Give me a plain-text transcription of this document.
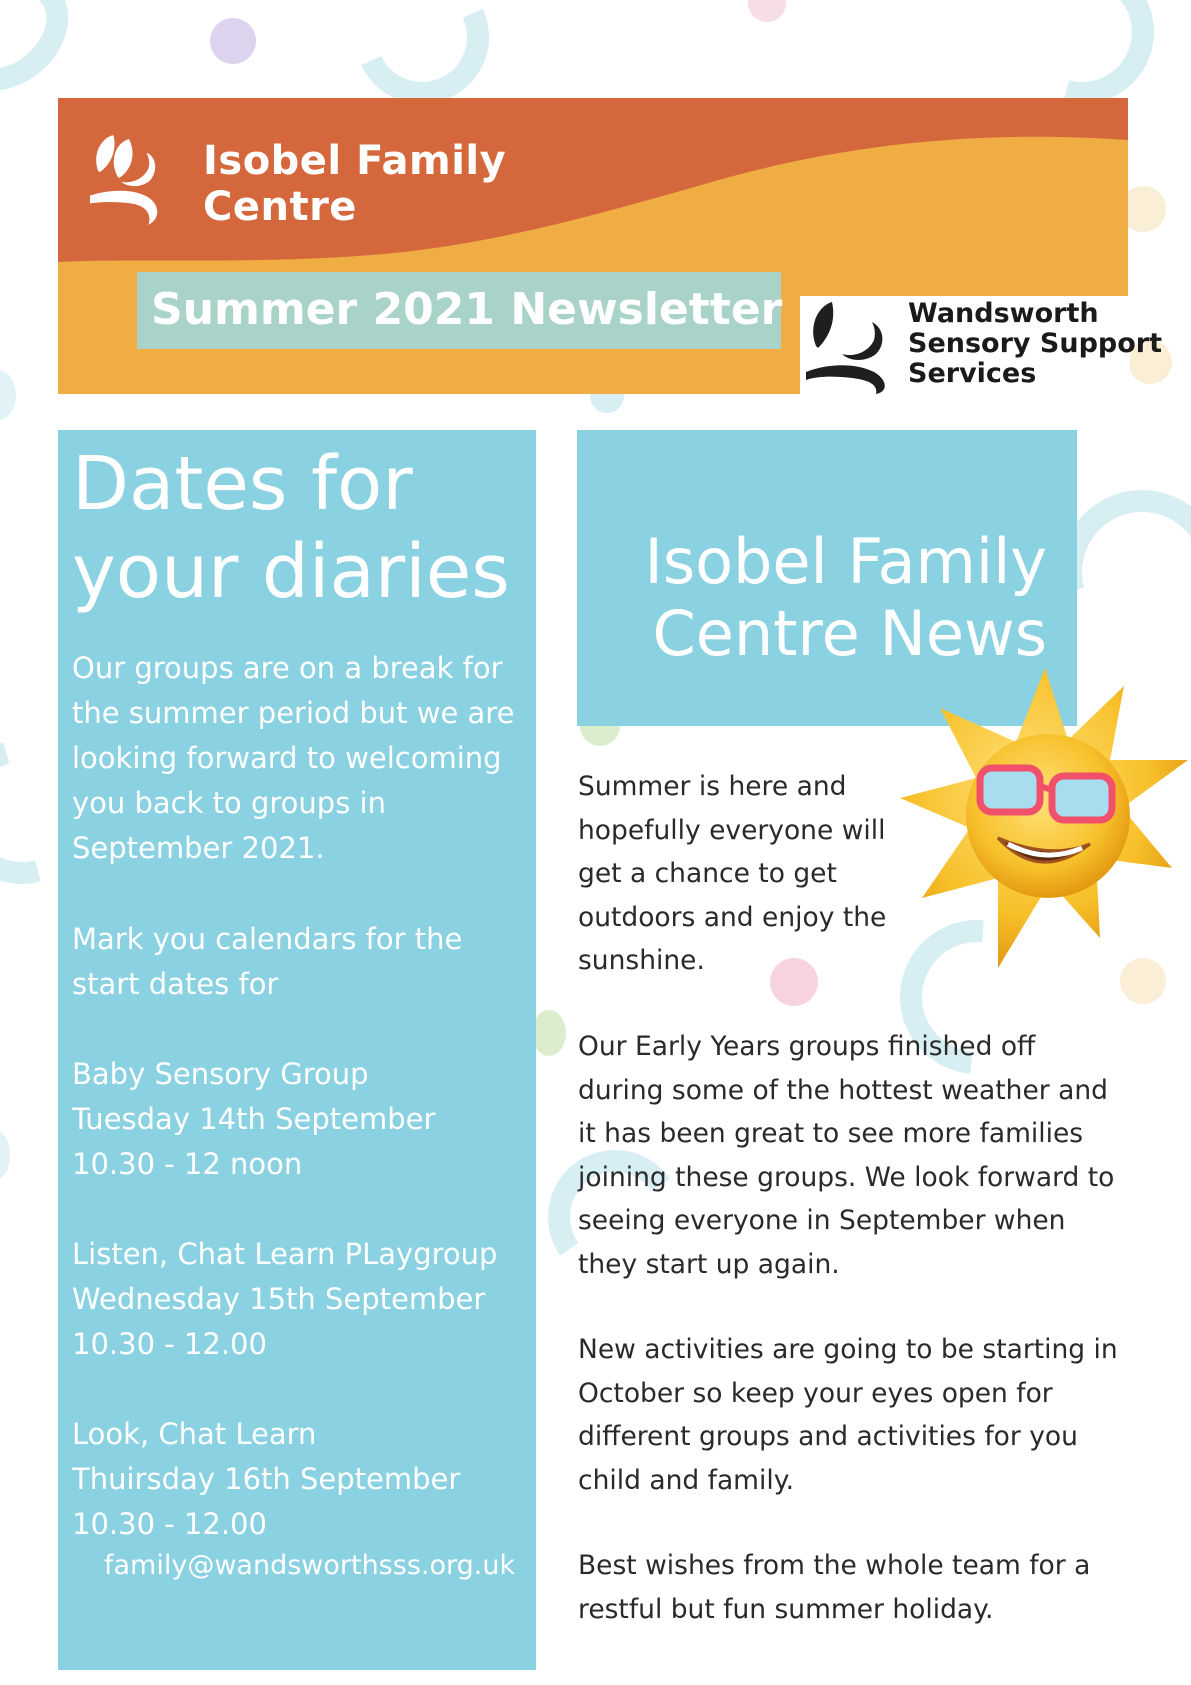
Isobel Family
Centre
Summer 2021 Newsletter	Wandsworth
Sensory Support
Services
Dates for
your diaries
Our groups are on a break for
the summer period but we are
looking forward to welcoming
you back to groups in
September 2021.
Mark you calendars for the
start dates for
Baby Sensory Group
Tuesday 14th September
10.30 - 12 noon
Listen, Chat Learn PLaygroup
Wednesday 15th September
10.30 - 12.00
Look, Chat Learn
Thuirsday 16th September
10.30 - 12.00
family@wandsworthsss.org.uk
Isobel Family
Centre News
Summer is here and
hopefully everyone will
get a chance to get
outdoors and enjoy the
sunshine.
Our Early Years groups finished off
during some of the hottest weather and
it has been great to see more families
joining these groups. We look forward to
seeing everyone in September when
they start up again.
New activities are going to be starting in
October so keep your eyes open for
different groups and activities for you
child and family.
Best wishes from the whole team for a
restful but fun summer holiday.
